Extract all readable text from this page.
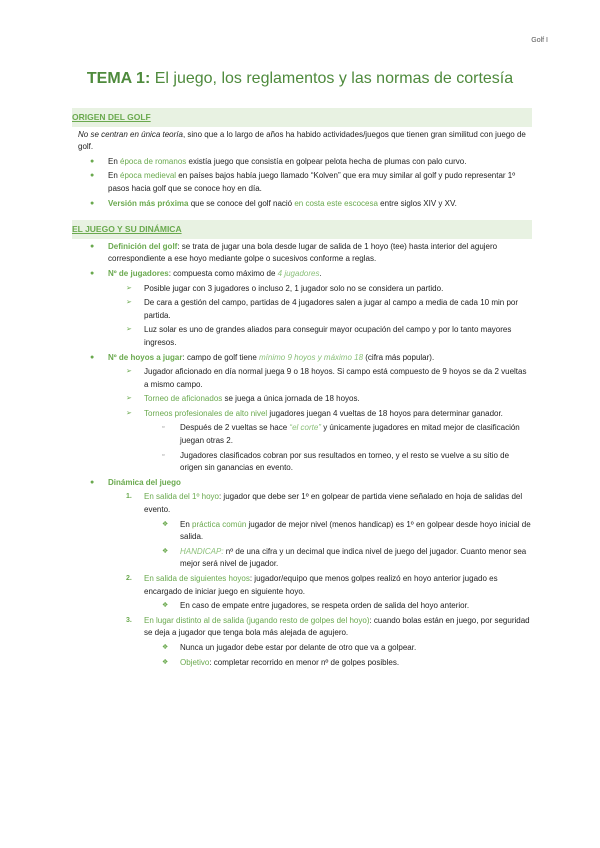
Golf I
TEMA 1: El juego, los reglamentos y las normas de cortesía
ORIGEN DEL GOLF
No se centran en única teoría, sino que a lo largo de años ha habido actividades/juegos que tienen gran similitud con juego de golf.
● En época de romanos existía juego que consistía en golpear pelota hecha de plumas con palo curvo.
● En época medieval en países bajos había juego llamado “Kolven” que era muy similar al golf y pudo representar 1º pasos hacia golf que se conoce hoy en día.
● Versión más próxima que se conoce del golf nació en costa este escocesa entre siglos XIV y XV.
EL JUEGO Y SU DINÁMICA
● Definición del golf: se trata de jugar una bola desde lugar de salida de 1 hoyo (tee) hasta interior del agujero correspondiente a ese hoyo mediante golpe o sucesivos conforme a reglas.
● Nº de jugadores: compuesta como máximo de 4 jugadores.
➢ Posible jugar con 3 jugadores o incluso 2, 1 jugador solo no se considera un partido.
➢ De cara a gestión del campo, partidas de 4 jugadores salen a jugar al campo a media de cada 10 min por partida.
➢ Luz solar es uno de grandes aliados para conseguir mayor ocupación del campo y por lo tanto mayores ingresos.
● Nº de hoyos a jugar: campo de golf tiene mínimo 9 hoyos y máximo 18 (cifra más popular).
➢ Jugador aficionado en día normal juega 9 o 18 hoyos. Si campo está compuesto de 9 hoyos se da 2 vueltas a mismo campo.
➢ Torneo de aficionados se juega a única jornada de 18 hoyos.
➢ Torneos profesionales de alto nivel jugadores juegan 4 vueltas de 18 hoyos para determinar ganador.
▫ Después de 2 vueltas se hace “el corte” y únicamente jugadores en mitad mejor de clasificación juegan otras 2.
▫ Jugadores clasificados cobran por sus resultados en torneo, y el resto se vuelve a su sitio de origen sin ganancias en evento.
● Dinámica del juego
1. En salida del 1º hoyo: jugador que debe ser 1º en golpear de partida viene señalado en hoja de salidas del evento.
❖ En práctica común jugador de mejor nivel (menos handicap) es 1º en golpear desde hoyo inicial de salida.
❖ HANDICAP: nº de una cifra y un decimal que indica nivel de juego del jugador. Cuanto menor sea mejor será nivel de jugador.
2. En salida de siguientes hoyos: jugador/equipo que menos golpes realizó en hoyo anterior jugado es encargado de iniciar juego en siguiente hoyo.
❖ En caso de empate entre jugadores, se respeta orden de salida del hoyo anterior.
3. En lugar distinto al de salida (jugando resto de golpes del hoyo): cuando bolas están en juego, por seguridad se deja a jugador que tenga bola más alejada de agujero.
❖ Nunca un jugador debe estar por delante de otro que va a golpear.
❖ Objetivo: completar recorrido en menor nº de golpes posibles.
